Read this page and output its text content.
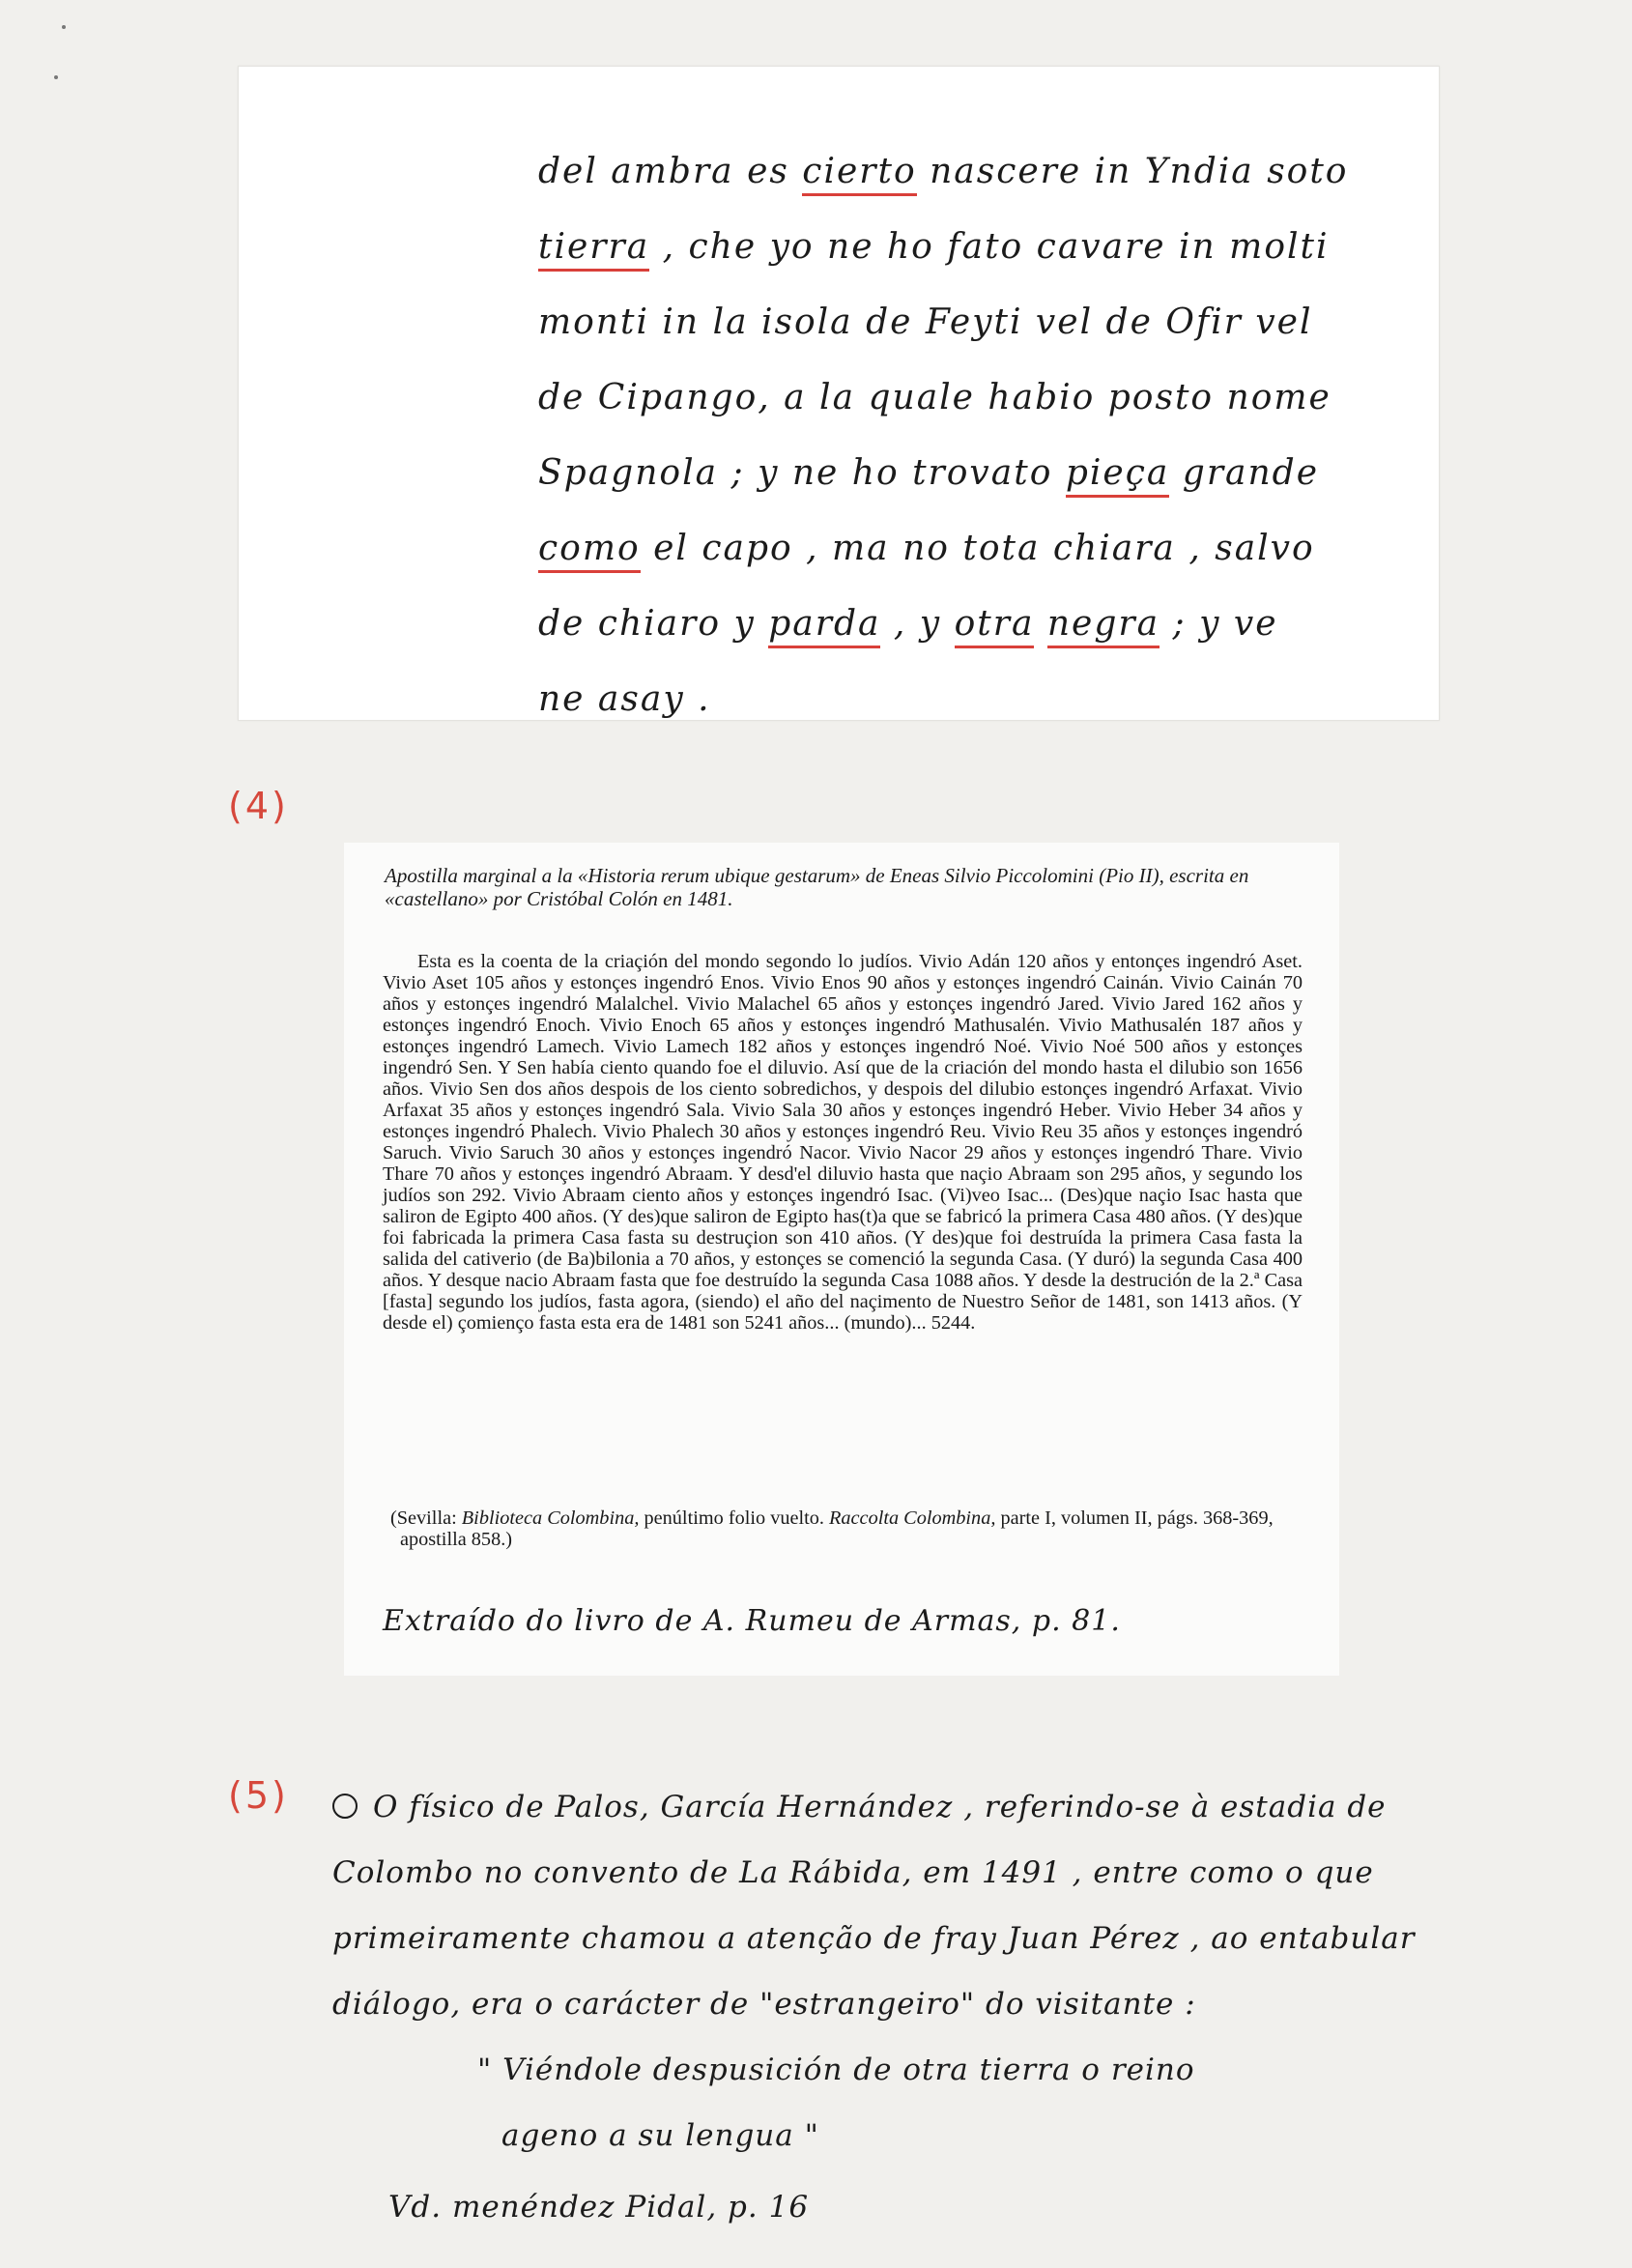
del ambra es cierto nascere in Yndia soto
tierra , che yo ne ho fato cavare in molti
monti in la isola de Feyti vel de Ofir vel
de Cipango, a la quale habio posto nome
Spagnola ; y ne ho trovato pieça grande
como el capo , ma no tota chiara , salvo
de chiaro y parda , y otra negra ; y ve
ne asay .
(4)
Apostilla marginal a la «Historia rerum ubique gestarum» de Eneas Silvio Piccolomini (Pio II), escrita en «castellano» por Cristóbal Colón en 1481.
Esta es la coenta de la criaçión del mondo segondo lo judíos. Vivio Adán 120 años y entonçes ingendró Aset. Vivio Aset 105 años y estonçes ingendró Enos. Vivio Enos 90 años y estonçes ingendró Cainán. Vivio Cainán 70 años y estonçes ingendró Malalchel. Vivio Malachel 65 años y estonçes ingendró Jared. Vivio Jared 162 años y estonçes ingendró Enoch. Vivio Enoch 65 años y estonçes ingendró Mathusalén. Vivio Mathusalén 187 años y estonçes ingendró Lamech. Vivio Lamech 182 años y estonçes ingendró Noé. Vivio Noé 500 años y estonçes ingendró Sen. Y Sen había ciento quando foe el diluvio. Así que de la criación del mondo hasta el dilubio son 1656 años. Vivio Sen dos años despois de los ciento sobredichos, y despois del dilubio estonçes ingendró Arfaxat. Vivio Arfaxat 35 años y estonçes ingendró Sala. Vivio Sala 30 años y estonçes ingendró Heber. Vivio Heber 34 años y estonçes ingendró Phalech. Vivio Phalech 30 años y estonçes ingendró Reu. Vivio Reu 35 años y estonçes ingendró Saruch. Vivio Saruch 30 años y estonçes ingendró Nacor. Vivio Nacor 29 años y estonçes ingendró Thare. Vivio Thare 70 años y estonçes ingendró Abraam. Y desd'el diluvio hasta que naçio Abraam son 295 años, y segundo los judíos son 292. Vivio Abraam ciento años y estonçes ingendró Isac. (Vi)veo Isac... (Des)que naçio Isac hasta que saliron de Egipto 400 años. (Y des)que saliron de Egipto has(t)a que se fabricó la primera Casa 480 años. (Y des)que foi fabricada la primera Casa fasta su destruçion son 410 años. (Y des)que foi destruída la primera Casa fasta la salida del cativerio (de Ba)bilonia a 70 años, y estonçes se comenció la segunda Casa. (Y duró) la segunda Casa 400 años. Y desque nacio Abraam fasta que foe destruído la segunda Casa 1088 años. Y desde la destrución de la 2.ª Casa [fasta] segundo los judíos, fasta agora, (siendo) el año del naçimento de Nuestro Señor de 1481, son 1413 años. (Y desde el) çomienço fasta esta era de 1481 son 5241 años... (mundo)... 5244.
(Sevilla: Biblioteca Colombina, penúltimo folio vuelto. Raccolta Colombina, parte I, volumen II, págs. 368-369, apostilla 858.)
Extraído do livro de A. Rumeu de Armas, p. 81.
(5)	O físico de Palos, García Hernández , referindo-se à estadia de
Colombo no convento de La Rábida, em 1491 , entre como o que
primeiramente chamou a atenção de fray Juan Pérez , ao entabular
diálogo, era o carácter de "estrangeiro" do visitante :
" Viéndole despusición de otra tierra o reino
ageno a su lengua "
Vd. menéndez Pidal, p. 16
